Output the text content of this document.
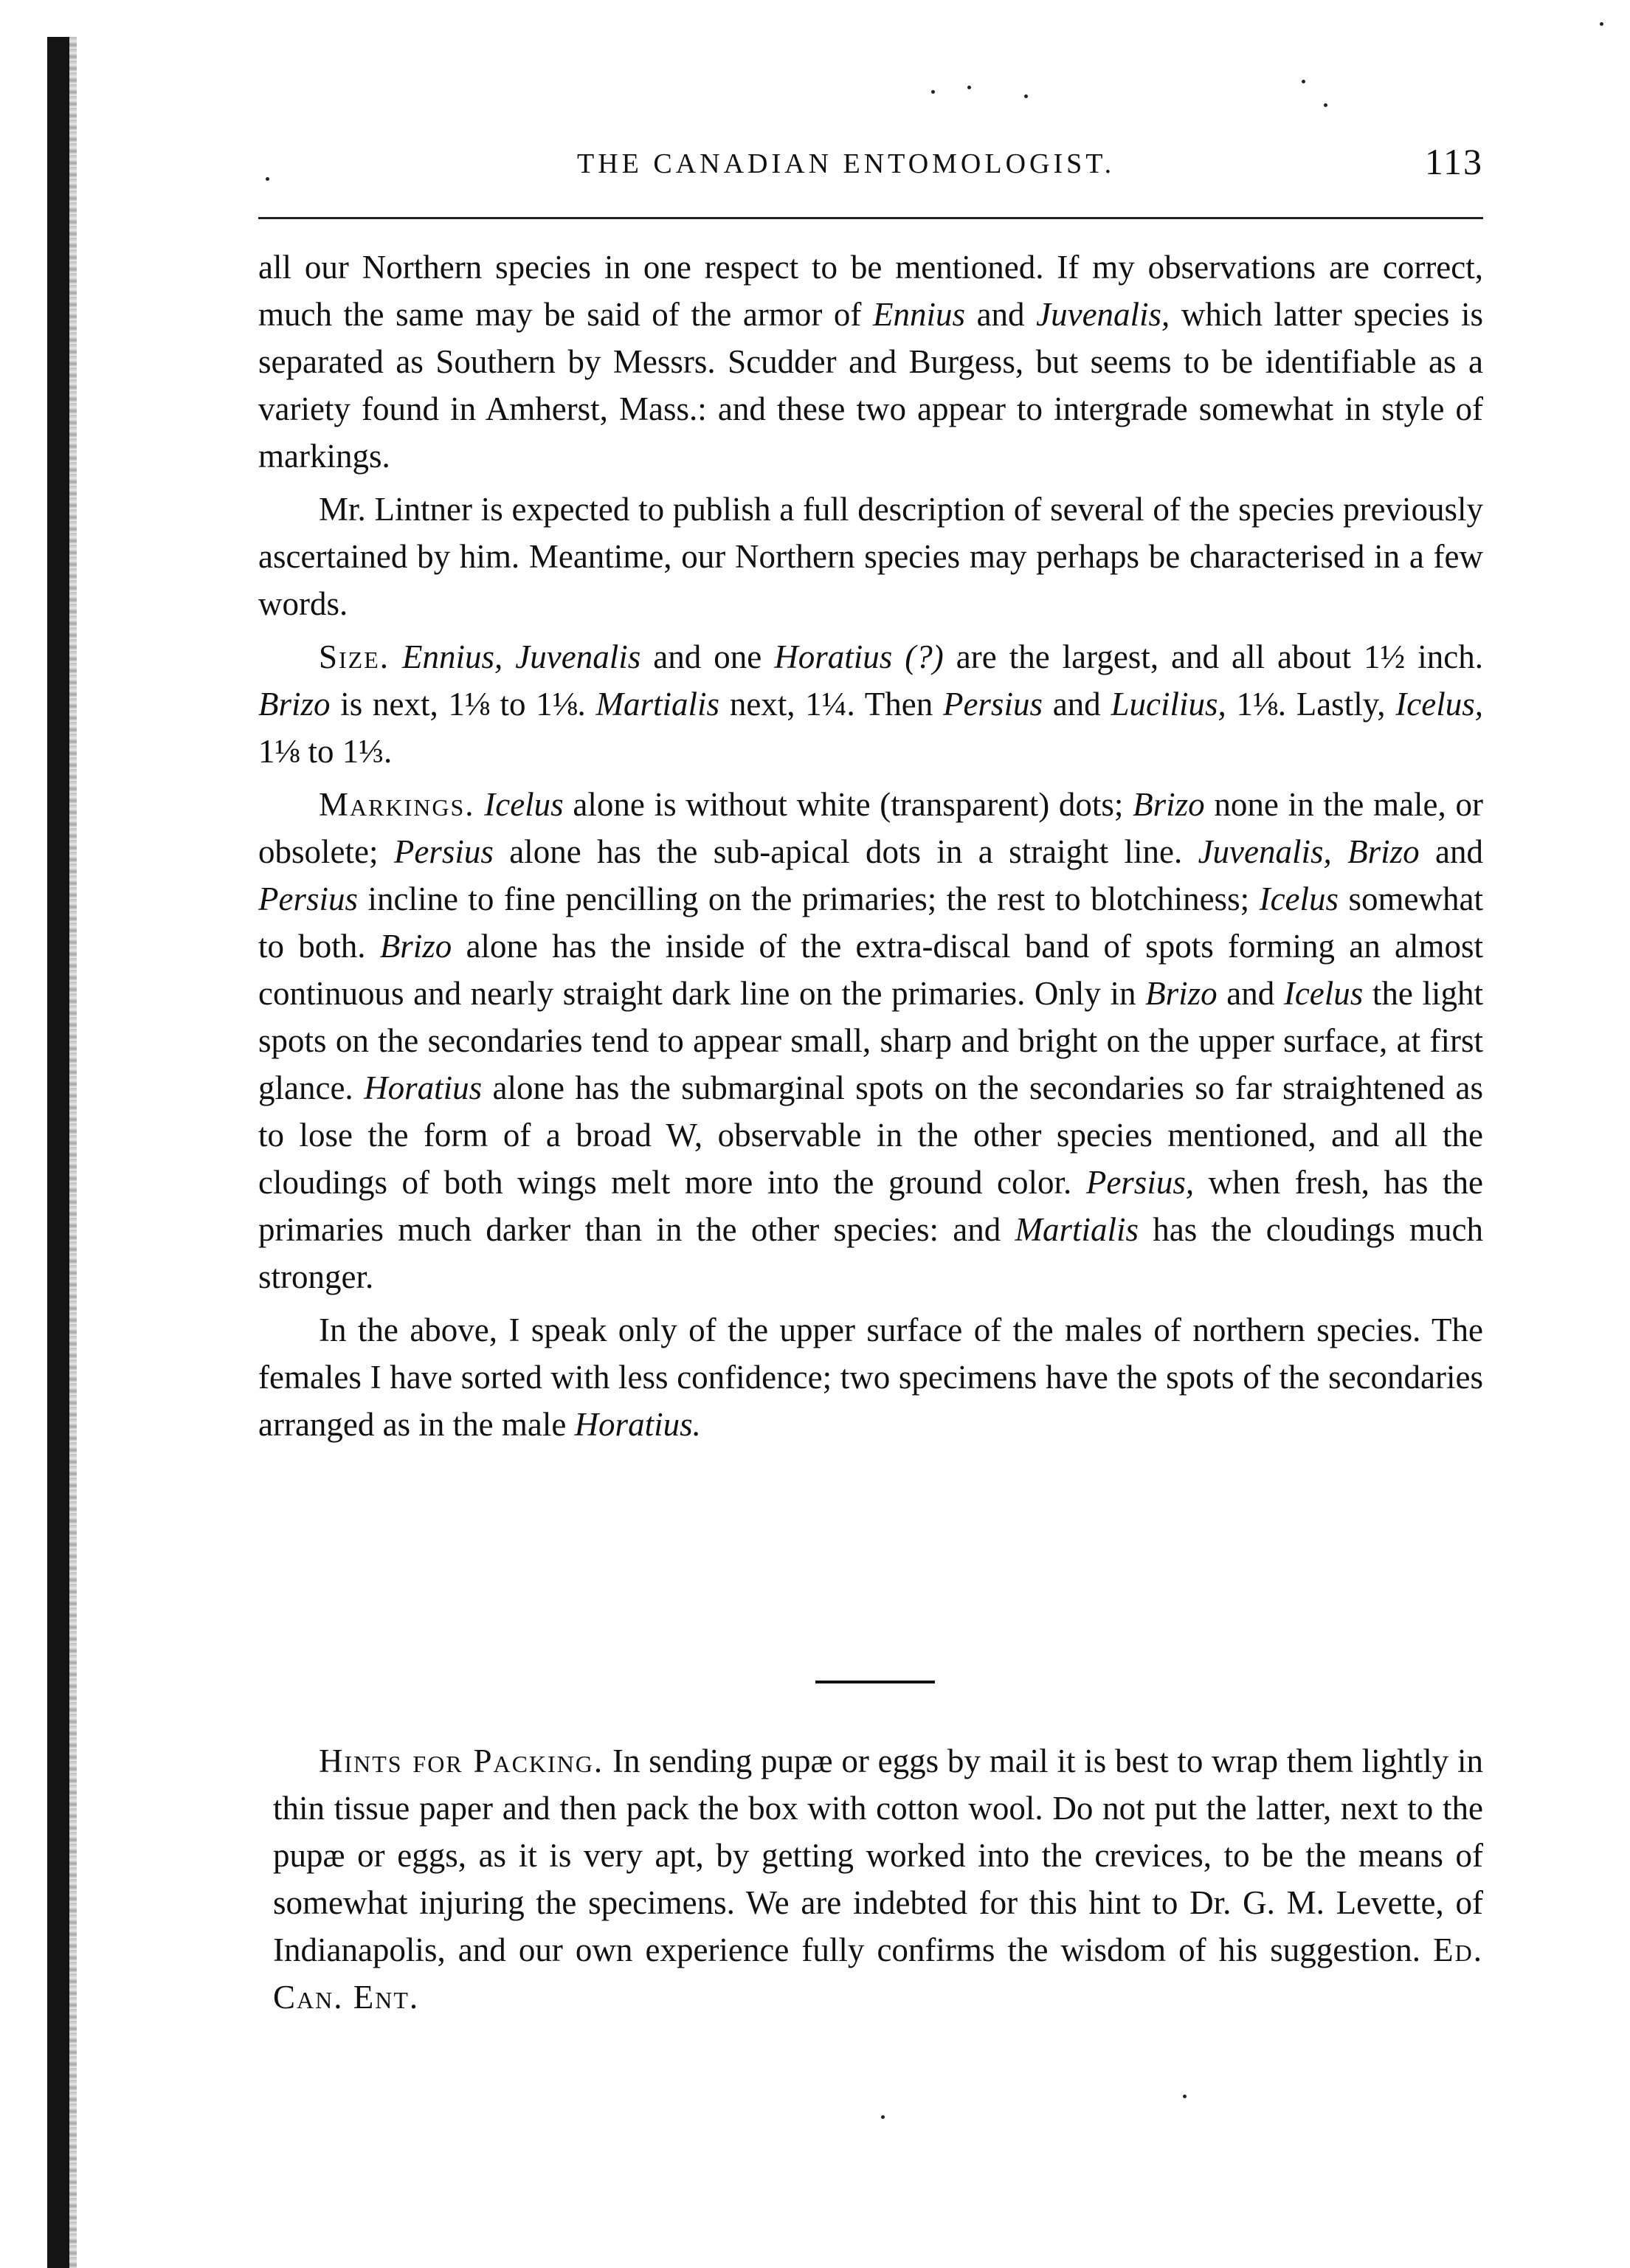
THE CANADIAN ENTOMOLOGIST.	113

all our Northern species in one respect to be mentioned. If my observations are correct, much the same may be said of the armor of Ennius and Juvenalis, which latter species is separated as Southern by Messrs. Scudder and Burgess, but seems to be identifiable as a variety found in Amherst, Mass.: and these two appear to intergrade somewhat in style of markings.

Mr. Lintner is expected to publish a full description of several of the species previously ascertained by him. Meantime, our Northern species may perhaps be characterised in a few words.

Size. Ennius, Juvenalis and one Horatius (?) are the largest, and all about 1½ inch. Brizo is next, 1⅛ to 1⅛. Martialis next, 1¼. Then Persius and Lucilius, 1⅛. Lastly, Icelus, 1⅛ to 1⅓.

Markings. Icelus alone is without white (transparent) dots; Brizo none in the male, or obsolete; Persius alone has the sub-apical dots in a straight line. Juvenalis, Brizo and Persius incline to fine pencilling on the primaries; the rest to blotchiness; Icelus somewhat to both. Brizo alone has the inside of the extra-discal band of spots forming an almost continuous and nearly straight dark line on the primaries. Only in Brizo and Icelus the light spots on the secondaries tend to appear small, sharp and bright on the upper surface, at first glance. Horatius alone has the submarginal spots on the secondaries so far straightened as to lose the form of a broad W, observable in the other species mentioned, and all the cloudings of both wings melt more into the ground color. Persius, when fresh, has the primaries much darker than in the other species: and Martialis has the cloudings much stronger.

In the above, I speak only of the upper surface of the males of northern species. The females I have sorted with less confidence; two specimens have the spots of the secondaries arranged as in the male Horatius.

Hints for Packing. In sending pupæ or eggs by mail it is best to wrap them lightly in thin tissue paper and then pack the box with cotton wool. Do not put the latter, next to the pupæ or eggs, as it is very apt, by getting worked into the crevices, to be the means of somewhat injuring the specimens. We are indebted for this hint to Dr. G. M. Levette, of Indianapolis, and our own experience fully confirms the wisdom of his suggestion. Ed. Can. Ent.
